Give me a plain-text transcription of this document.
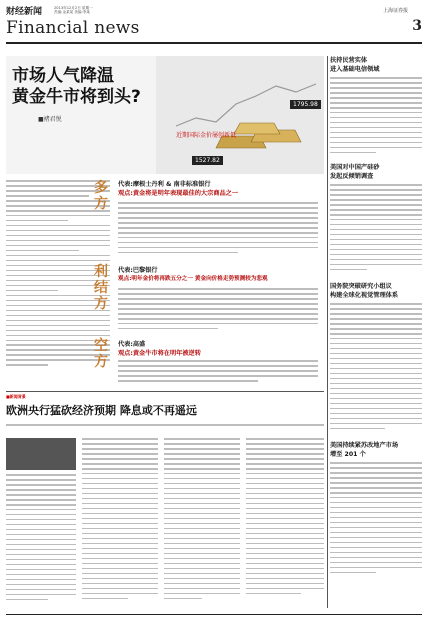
财经新闻	2013年12月2日 星期一
责编:金某某 美编:李某
Financial news
上海证券报
3
市场人气降温
黄金牛市将到头?
■褚君悦
1795.98
1527.82
近期国际金价屡创新低
多
方
代表:摩根士丹利 & 南非标准银行
观点:黄金将是明年表现最佳的大宗商品之一
利
结
方
代表:巴黎银行
观点:明年金价将再跌五分之一 黄金向价格走势预测较为悲观
空
方
代表:高盛
观点:黄金牛市将在明年被逆转
■新闻背景
欧洲央行猛砍经济预期 降息或不再遥远
扶持民营实体
进入基础电信领域
美国对中国产硅砂
发起反倾销调查
国务院突破研究小组议
构建全球化视觉管理体系
美国持续紧苏改地产市场
增至 201 个
